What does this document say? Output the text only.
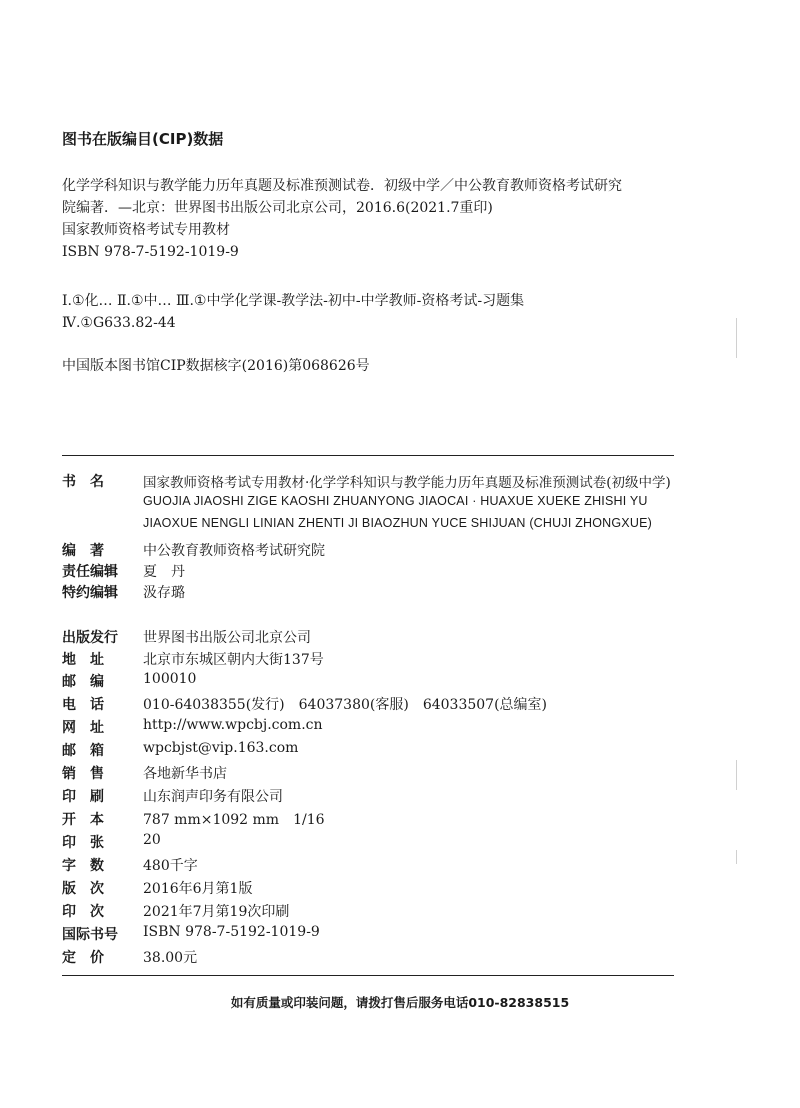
图书在版编目(CIP)数据
化学学科知识与教学能力历年真题及标准预测试卷．初级中学／中公教育教师资格考试研究
院编著．—北京：世界图书出版公司北京公司，2016.6(2021.7重印)
国家教师资格考试专用教材
ISBN 978-7-5192-1019-9
Ⅰ.①化… Ⅱ.①中… Ⅲ.①中学化学课-教学法-初中-中学教师-资格考试-习题集
Ⅳ.①G633.82-44
中国版本图书馆CIP数据核字(2016)第068626号
书　名	国家教师资格考试专用教材·化学学科知识与教学能力历年真题及标准预测试卷(初级中学)
GUOJIA JIAOSHI ZIGE KAOSHI ZHUANYONG JIAOCAI · HUAXUE XUEKE ZHISHI YU
JIAOXUE NENGLI LINIAN ZHENTI JI BIAOZHUN YUCE SHIJUAN (CHUJI ZHONGXUE)
编　著	中公教育教师资格考试研究院
责任编辑	夏　丹
特约编辑	汲存璐
出版发行	世界图书出版公司北京公司
地　址	北京市东城区朝内大街137号
邮　编	100010
电　话	010-64038355(发行)　64037380(客服)　64033507(总编室)
网　址	http://www.wpcbj.com.cn
邮　箱	wpcbjst@vip.163.com
销　售	各地新华书店
印　刷	山东润声印务有限公司
开　本	787 mm×1092 mm　1/16
印　张	20
字　数	480千字
版　次	2016年6月第1版
印　次	2021年7月第19次印刷
国际书号	ISBN 978-7-5192-1019-9
定　价	38.00元
如有质量或印装问题，请拨打售后服务电话010-82838515
